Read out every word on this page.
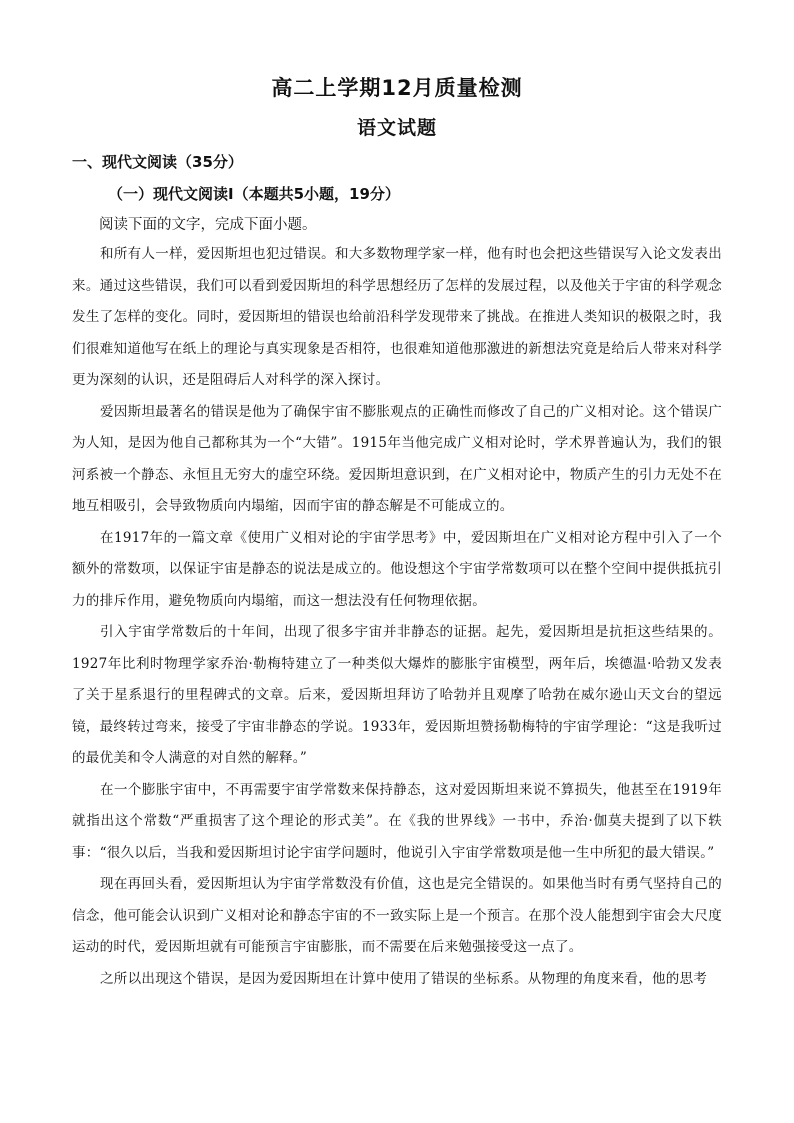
高二上学期12月质量检测
语文试题
一、现代文阅读（35分）
（一）现代文阅读Ⅰ（本题共5小题，19分）
阅读下面的文字，完成下面小题。

和所有人一样，爱因斯坦也犯过错误。和大多数物理学家一样，他有时也会把这些错误写入论文发表出来。通过这些错误，我们可以看到爱因斯坦的科学思想经历了怎样的发展过程，以及他关于宇宙的科学观念发生了怎样的变化。同时，爱因斯坦的错误也给前沿科学发现带来了挑战。在推进人类知识的极限之时，我们很难知道他写在纸上的理论与真实现象是否相符，也很难知道他那激进的新想法究竟是给后人带来对科学更为深刻的认识，还是阻碍后人对科学的深入探讨。

爱因斯坦最著名的错误是他为了确保宇宙不膨胀观点的正确性而修改了自己的广义相对论。这个错误广为人知，是因为他自己都称其为一个“大错”。1915年当他完成广义相对论时，学术界普遍认为，我们的银河系被一个静态、永恒且无穷大的虚空环绕。爱因斯坦意识到，在广义相对论中，物质产生的引力无处不在地互相吸引，会导致物质向内塌缩，因而宇宙的静态解是不可能成立的。

在1917年的一篇文章《使用广义相对论的宇宙学思考》中，爱因斯坦在广义相对论方程中引入了一个额外的常数项，以保证宇宙是静态的说法是成立的。他设想这个宇宙学常数项可以在整个空间中提供抵抗引力的排斥作用，避免物质向内塌缩，而这一想法没有任何物理依据。

引入宇宙学常数后的十年间，出现了很多宇宙并非静态的证据。起先，爱因斯坦是抗拒这些结果的。1927年比利时物理学家乔治·勒梅特建立了一种类似大爆炸的膨胀宇宙模型，两年后，埃德温·哈勃又发表了关于星系退行的里程碑式的文章。后来，爱因斯坦拜访了哈勃并且观摩了哈勃在威尔逊山天文台的望远镜，最终转过弯来，接受了宇宙非静态的学说。1933年，爱因斯坦赞扬勒梅特的宇宙学理论：“这是我听过的最优美和令人满意的对自然的解释。”

在一个膨胀宇宙中，不再需要宇宙学常数来保持静态，这对爱因斯坦来说不算损失，他甚至在1919年就指出这个常数“严重损害了这个理论的形式美”。在《我的世界线》一书中，乔治·伽莫夫提到了以下轶事：“很久以后，当我和爱因斯坦讨论宇宙学问题时，他说引入宇宙学常数项是他一生中所犯的最大错误。”

现在再回头看，爱因斯坦认为宇宙学常数没有价值，这也是完全错误的。如果他当时有勇气坚持自己的信念，他可能会认识到广义相对论和静态宇宙的不一致实际上是一个预言。在那个没人能想到宇宙会大尺度运动的时代，爱因斯坦就有可能预言宇宙膨胀，而不需要在后来勉强接受这一点了。

之所以出现这个错误，是因为爱因斯坦在计算中使用了错误的坐标系。从物理的角度来看，他的思考
